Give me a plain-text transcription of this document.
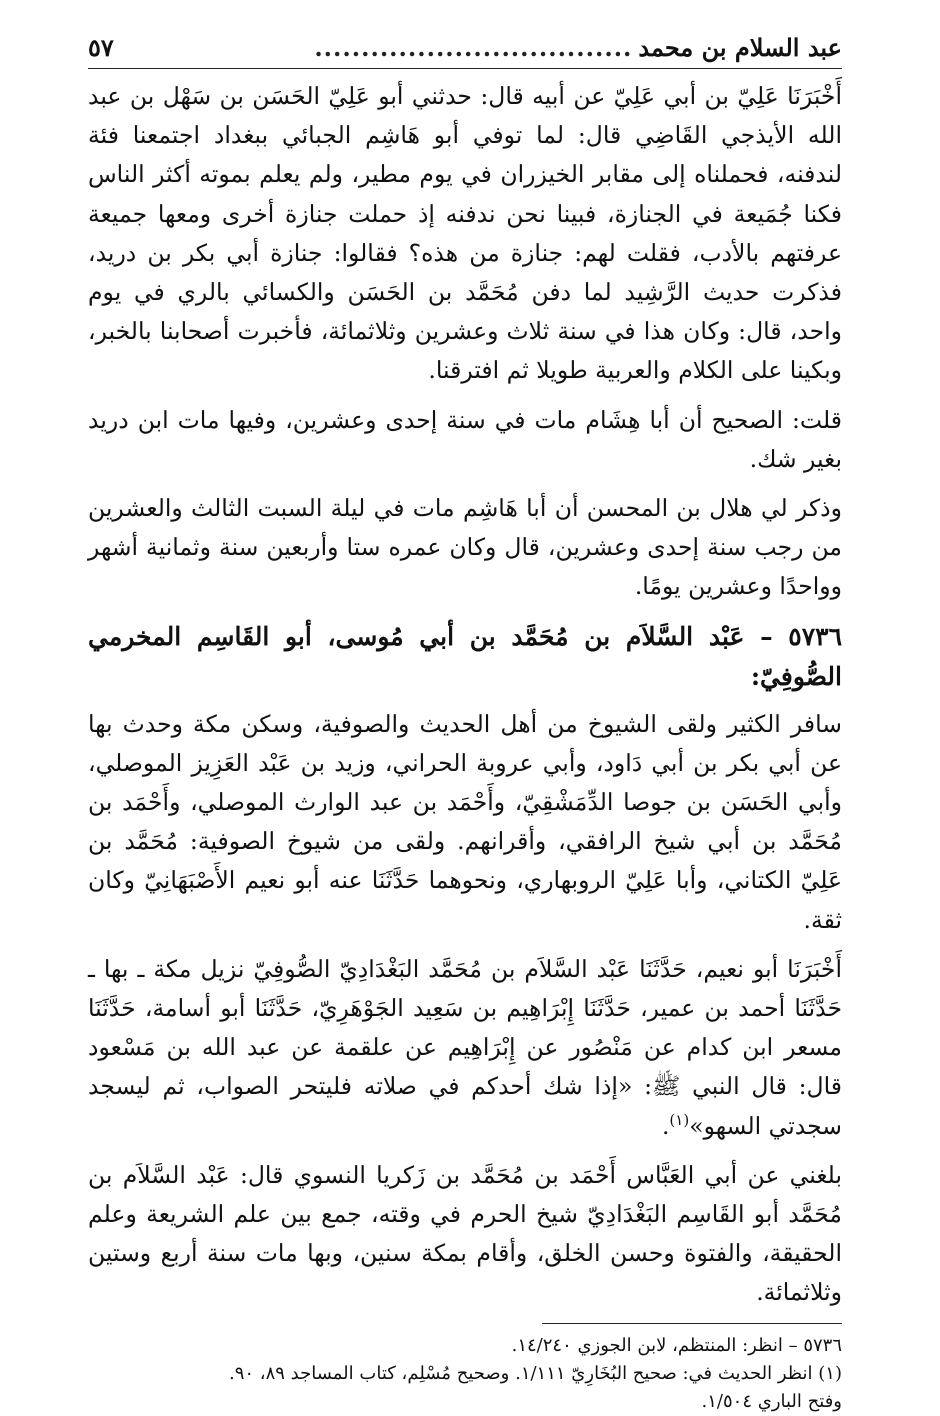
عبد السلام بن محمد
..................................
٥٧

أَخْبَرَنَا عَلِيّ بن أبي عَلِيّ عن أبيه قال: حدثني أبو عَلِيّ الحَسَن بن سَهْل بن عبد الله الأيذجي القَاضِي قال: لما توفي أبو هَاشِم الجبائي ببغداد اجتمعنا فئة لندفنه، فحملناه إلى مقابر الخيزران في يوم مطير، ولم يعلم بموته أكثر الناس فكنا جُمَيعة في الجنازة، فبينا نحن ندفنه إذ حملت جنازة أخرى ومعها جميعة عرفتهم بالأدب، فقلت لهم: جنازة من هذه؟ فقالوا: جنازة أبي بكر بن دريد، فذكرت حديث الرَّشِيد لما دفن مُحَمَّد بن الحَسَن والكسائي بالري في يوم واحد، قال: وكان هذا في سنة ثلاث وعشرين وثلاثمائة، فأخبرت أصحابنا بالخبر، وبكينا على الكلام والعربية طويلا ثم افترقنا.

قلت: الصحيح أن أبا هِشَام مات في سنة إحدى وعشرين، وفيها مات ابن دريد بغير شك.

وذكر لي هلال بن المحسن أن أبا هَاشِم مات في ليلة السبت الثالث والعشرين من رجب سنة إحدى وعشرين، قال وكان عمره ستا وأربعين سنة وثمانية أشهر وواحدًا وعشرين يومًا.

٥٧٣٦ – عَبْد السَّلاَم بن مُحَمَّد بن أبي مُوسى، أبو القَاسِم المخرمي الصُّوفِيّ:

سافر الكثير ولقى الشيوخ من أهل الحديث والصوفية، وسكن مكة وحدث بها عن أبي بكر بن أبي دَاود، وأبي عروبة الحراني، وزيد بن عَبْد العَزِيز الموصلي، وأبي الحَسَن بن جوصا الدِّمَشْقِيّ، وأَحْمَد بن عبد الوارث الموصلي، وأَحْمَد بن مُحَمَّد بن أبي شيخ الرافقي، وأقرانهم. ولقى من شيوخ الصوفية: مُحَمَّد بن عَلِيّ الكتاني، وأبا عَلِيّ الروبهاري، ونحوهما حَدَّثَنَا عنه أبو نعيم الأَصْبَهَانِيّ وكان ثقة.

أَخْبَرَنَا أبو نعيم، حَدَّثَنَا عَبْد السَّلاَم بن مُحَمَّد البَغْدَادِيّ الصُّوفِيّ نزيل مكة ـ بها ـ حَدَّثَنَا أحمد بن عمير، حَدَّثَنَا إِبْرَاهِيم بن سَعِيد الجَوْهَرِيّ، حَدَّثَنَا أبو أسامة، حَدَّثَنَا مسعر ابن كدام عن مَنْصُور عن إِبْرَاهِيم عن علقمة عن عبد الله بن مَسْعود قال: قال النبي ﷺ: «إذا شك أحدكم في صلاته فليتحر الصواب، ثم ليسجد سجدتي السهو»$^{(١)}$.

بلغني عن أبي العَبَّاس أَحْمَد بن مُحَمَّد بن زَكريا النسوي قال: عَبْد السَّلاَم بن مُحَمَّد أبو القَاسِم البَغْدَادِيّ شيخ الحرم في وقته، جمع بين علم الشريعة وعلم الحقيقة، والفتوة وحسن الخلق، وأقام بمكة سنين، وبها مات سنة أربع وستين وثلاثمائة.

٥٧٣٦ – انظر: المنتظم، لابن الجوزي ١٤/٢٤٠.

(١) انظر الحديث في: صحيح البُخَارِيّ ١/١١١. وصحيح مُسْلِم، كتاب المساجد ٨٩، ٩٠.

وفتح الباري ١/٥٠٤.
